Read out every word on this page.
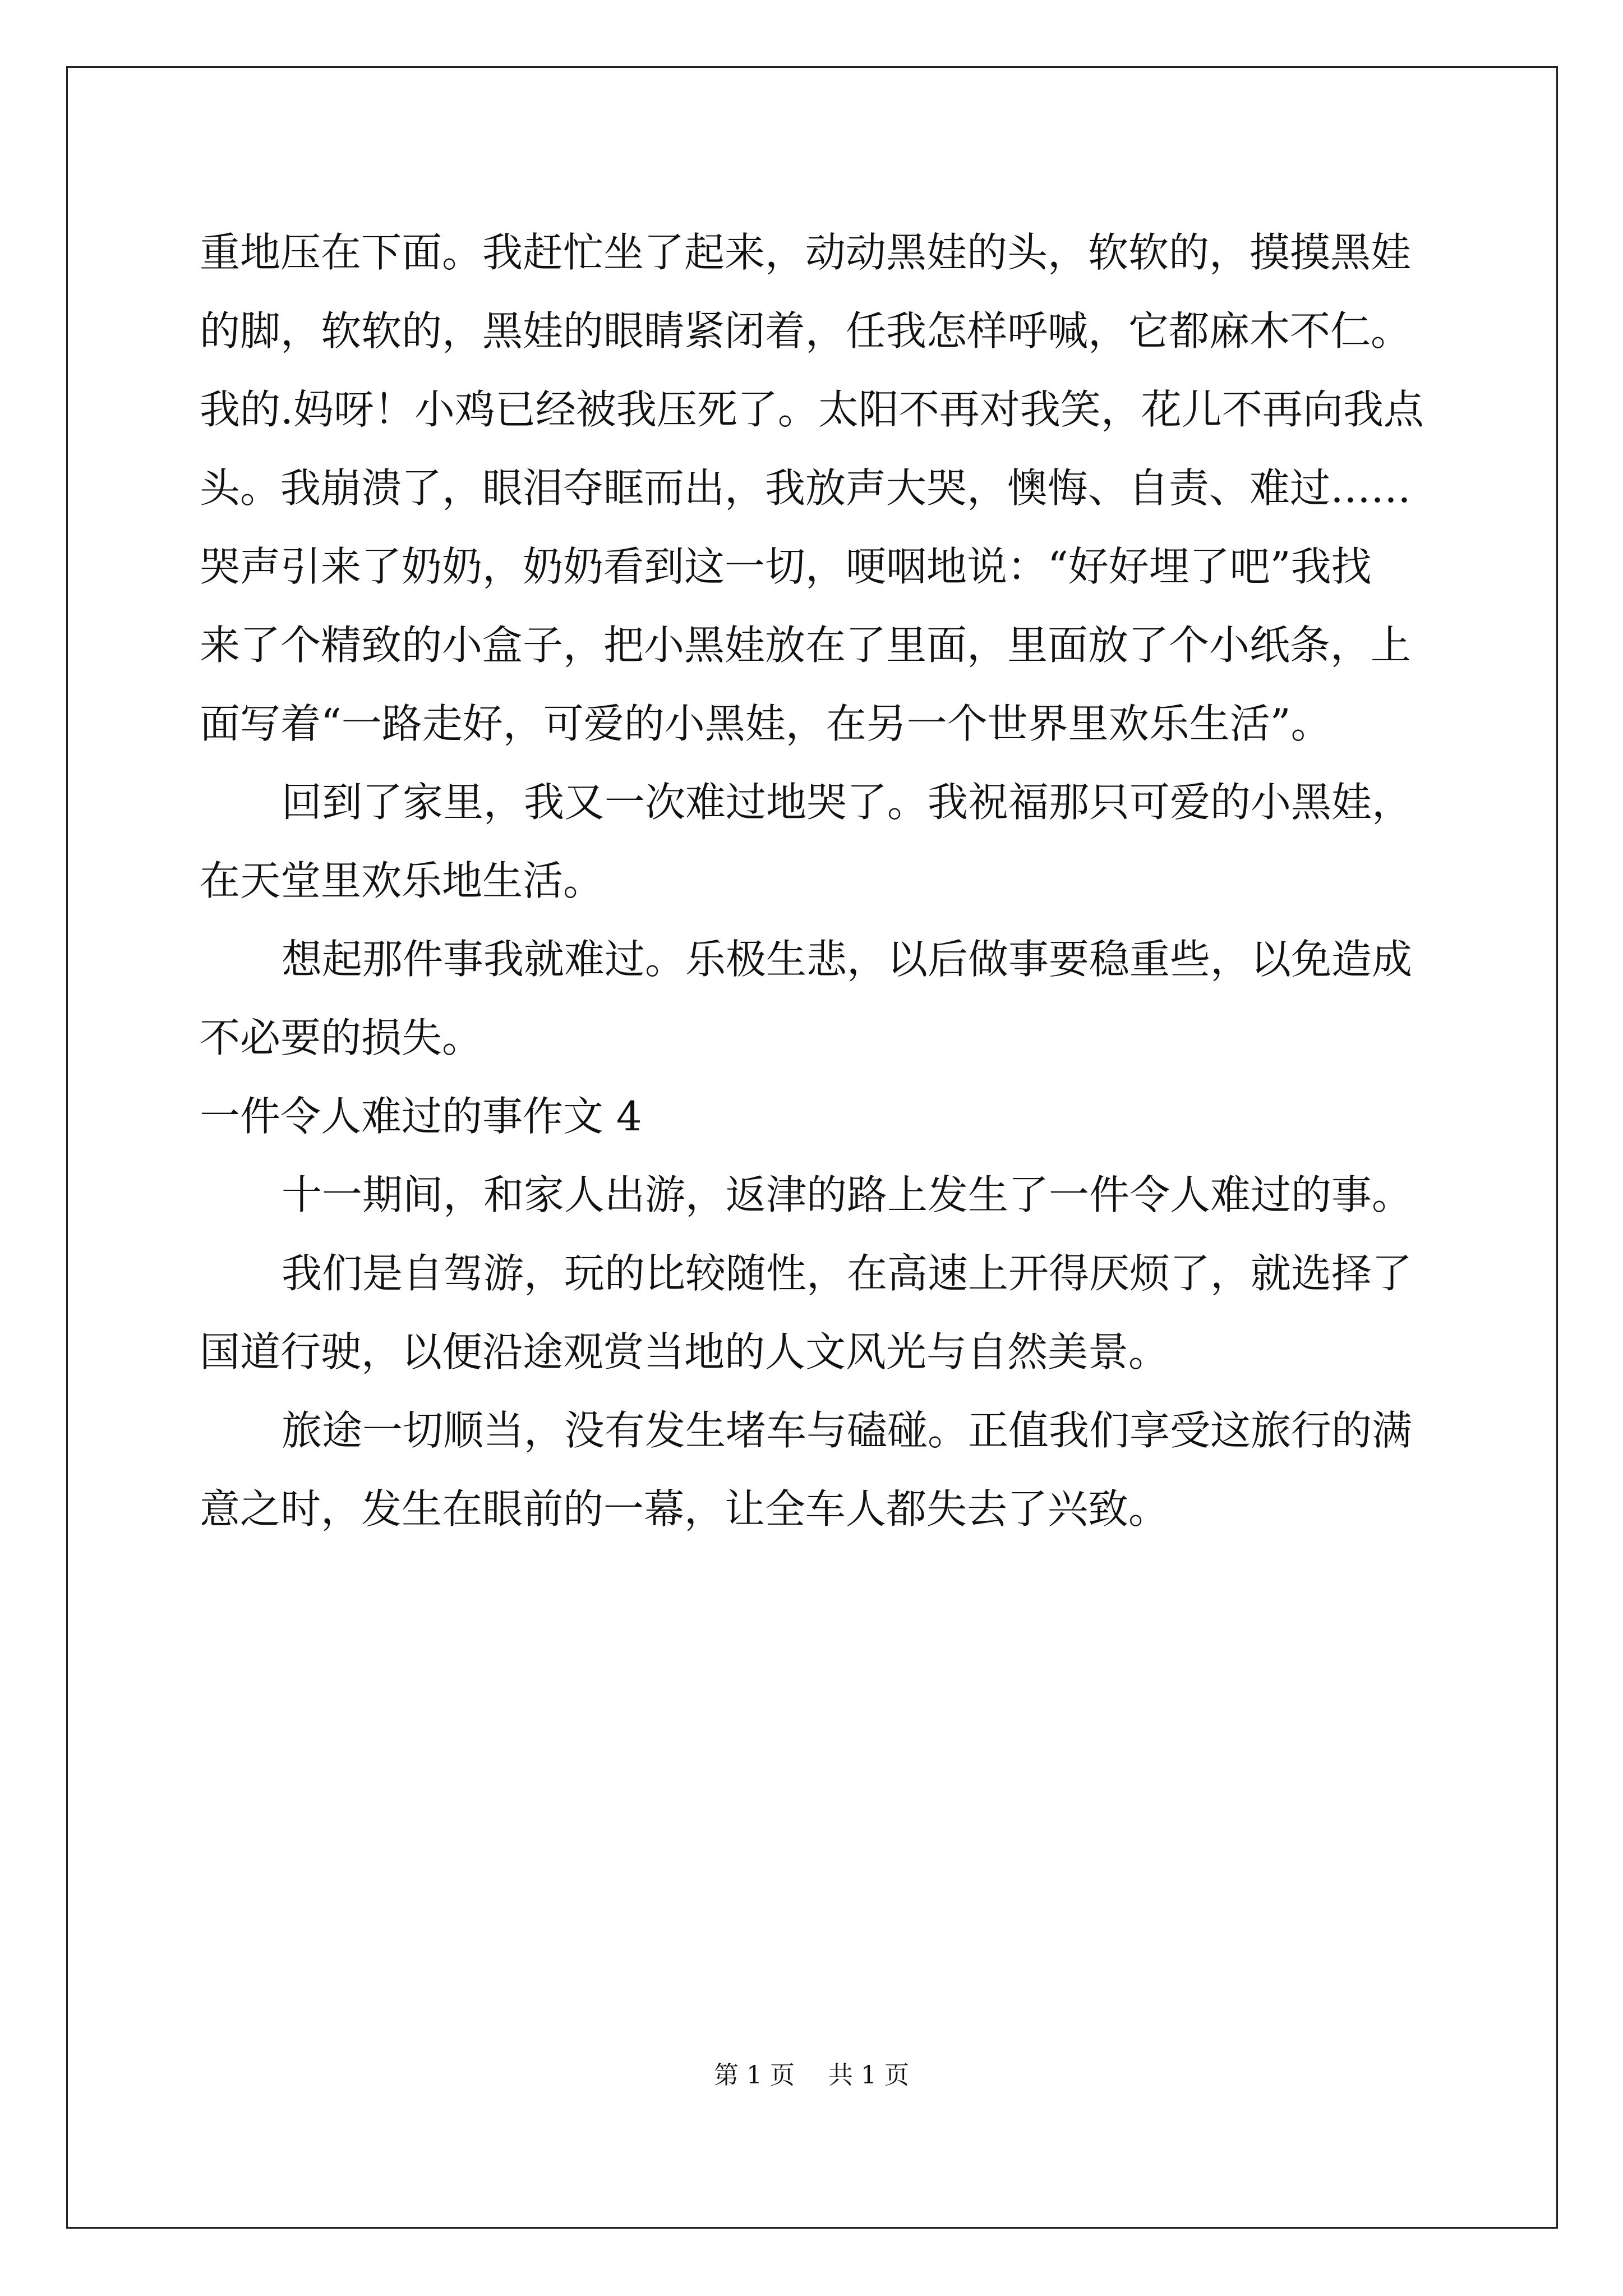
重地压在下面。我赶忙坐了起来，动动黑娃的头，软软的，摸摸黑娃
的脚，软软的，黑娃的眼睛紧闭着，任我怎样呼喊，它都麻木不仁。
我的.妈呀！小鸡已经被我压死了。太阳不再对我笑，花儿不再向我点
头。我崩溃了，眼泪夺眶而出，我放声大哭，懊悔、自责、难过……
哭声引来了奶奶，奶奶看到这一切，哽咽地说：“好好埋了吧”我找
来了个精致的小盒子，把小黑娃放在了里面，里面放了个小纸条，上
面写着“一路走好，可爱的小黑娃，在另一个世界里欢乐生活”。
回到了家里，我又一次难过地哭了。我祝福那只可爱的小黑娃，
在天堂里欢乐地生活。
想起那件事我就难过。乐极生悲，以后做事要稳重些，以免造成
不必要的损失。
一件令人难过的事作文 4
十一期间，和家人出游，返津的路上发生了一件令人难过的事。
我们是自驾游，玩的比较随性，在高速上开得厌烦了，就选择了
国道行驶，以便沿途观赏当地的人文风光与自然美景。
旅途一切顺当，没有发生堵车与磕碰。正值我们享受这旅行的满
意之时，发生在眼前的一幕，让全车人都失去了兴致。
第 1 页 共 1 页
